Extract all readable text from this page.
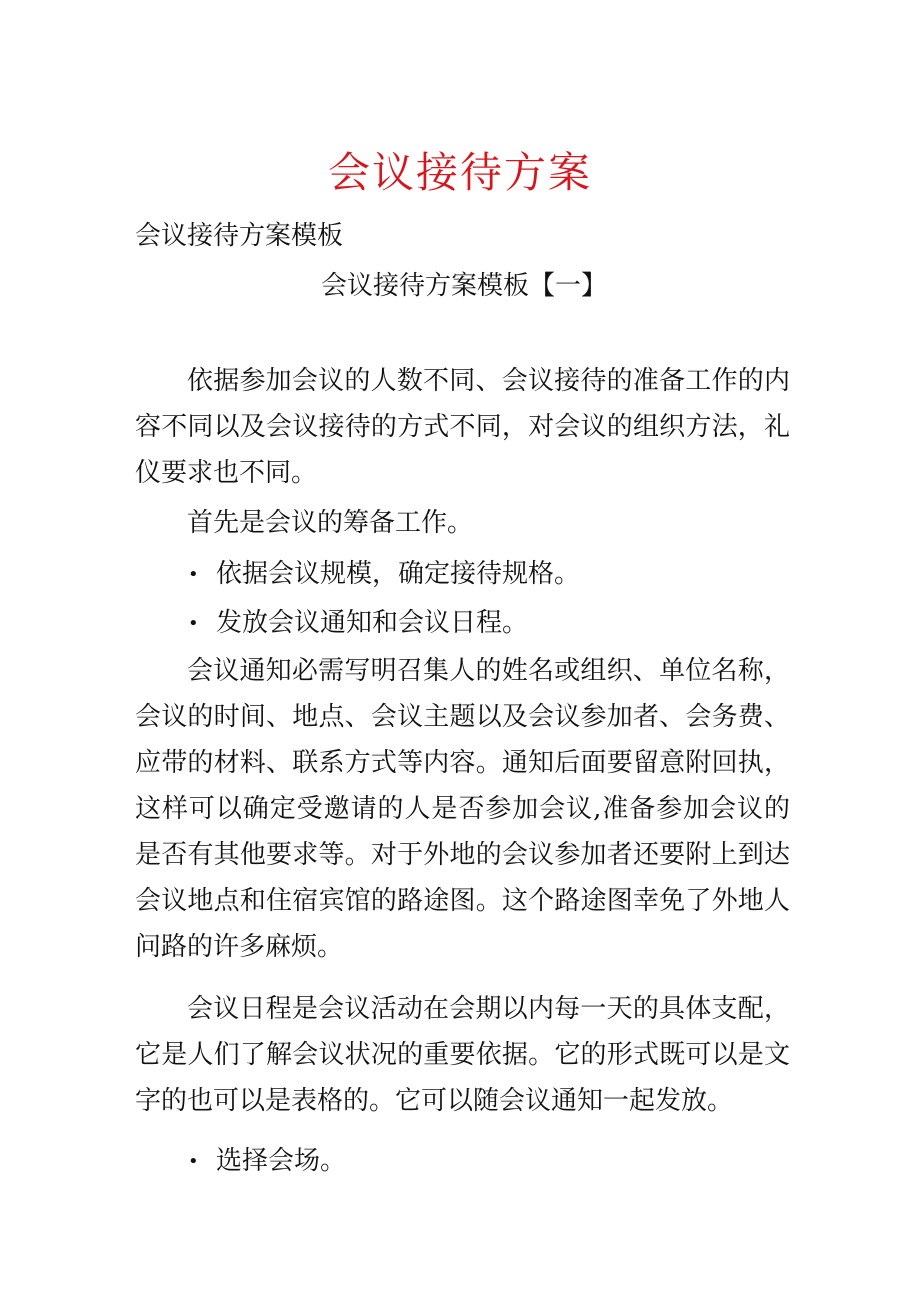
会议接待方案

会议接待方案模板

会议接待方案模板【一】

依据参加会议的人数不同、会议接待的准备工作的内容不同以及会议接待的方式不同，对会议的组织方法，礼仪要求也不同。

首先是会议的筹备工作。

• 依据会议规模，确定接待规格。

• 发放会议通知和会议日程。

会议通知必需写明召集人的姓名或组织、单位名称，会议的时间、地点、会议主题以及会议参加者、会务费、应带的材料、联系方式等内容。通知后面要留意附回执，这样可以确定受邀请的人是否参加会议,准备参加会议的是否有其他要求等。对于外地的会议参加者还要附上到达会议地点和住宿宾馆的路途图。这个路途图幸免了外地人问路的许多麻烦。

会议日程是会议活动在会期以内每一天的具体支配，它是人们了解会议状况的重要依据。它的形式既可以是文字的也可以是表格的。它可以随会议通知一起发放。

• 选择会场。
